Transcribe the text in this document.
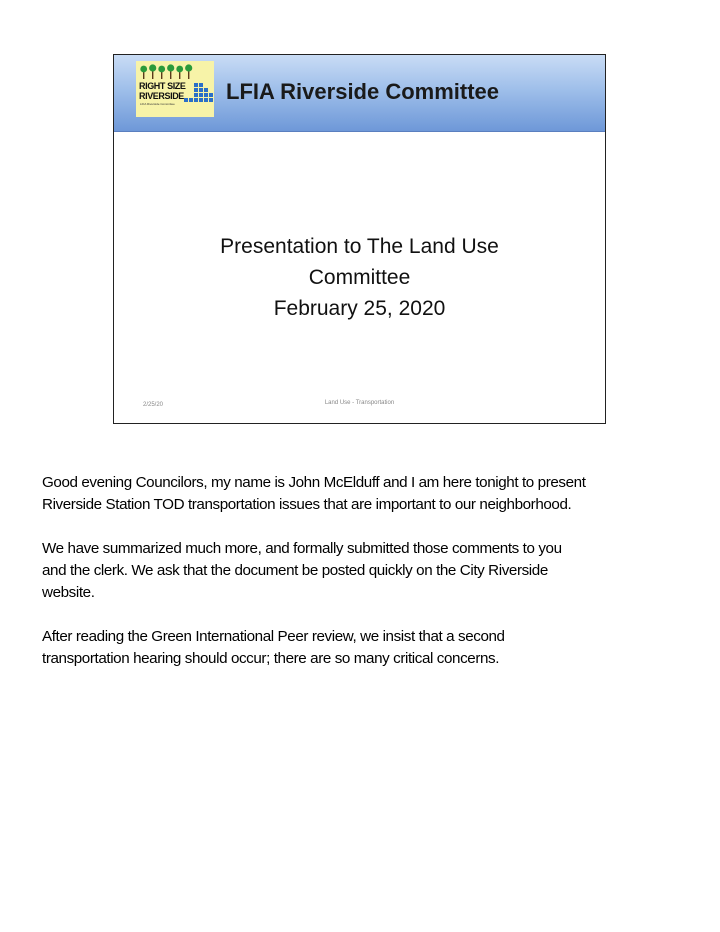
RIGHT SIZE
RIVERSIDE
LFIA Riverside Committee LFIA Riverside Committee
Presentation to The Land Use
Committee
February 25, 2020
2/25/20	Land Use - Transportation

Good evening Councilors, my name is John McElduff and I am here tonight to present
Riverside Station TOD transportation issues that are important to our neighborhood.

We have summarized much more, and formally submitted those comments to you
and the clerk. We ask that the document be posted quickly on the City Riverside
website.

After reading the Green International Peer review, we insist that a second
transportation hearing should occur; there are so many critical concerns.
